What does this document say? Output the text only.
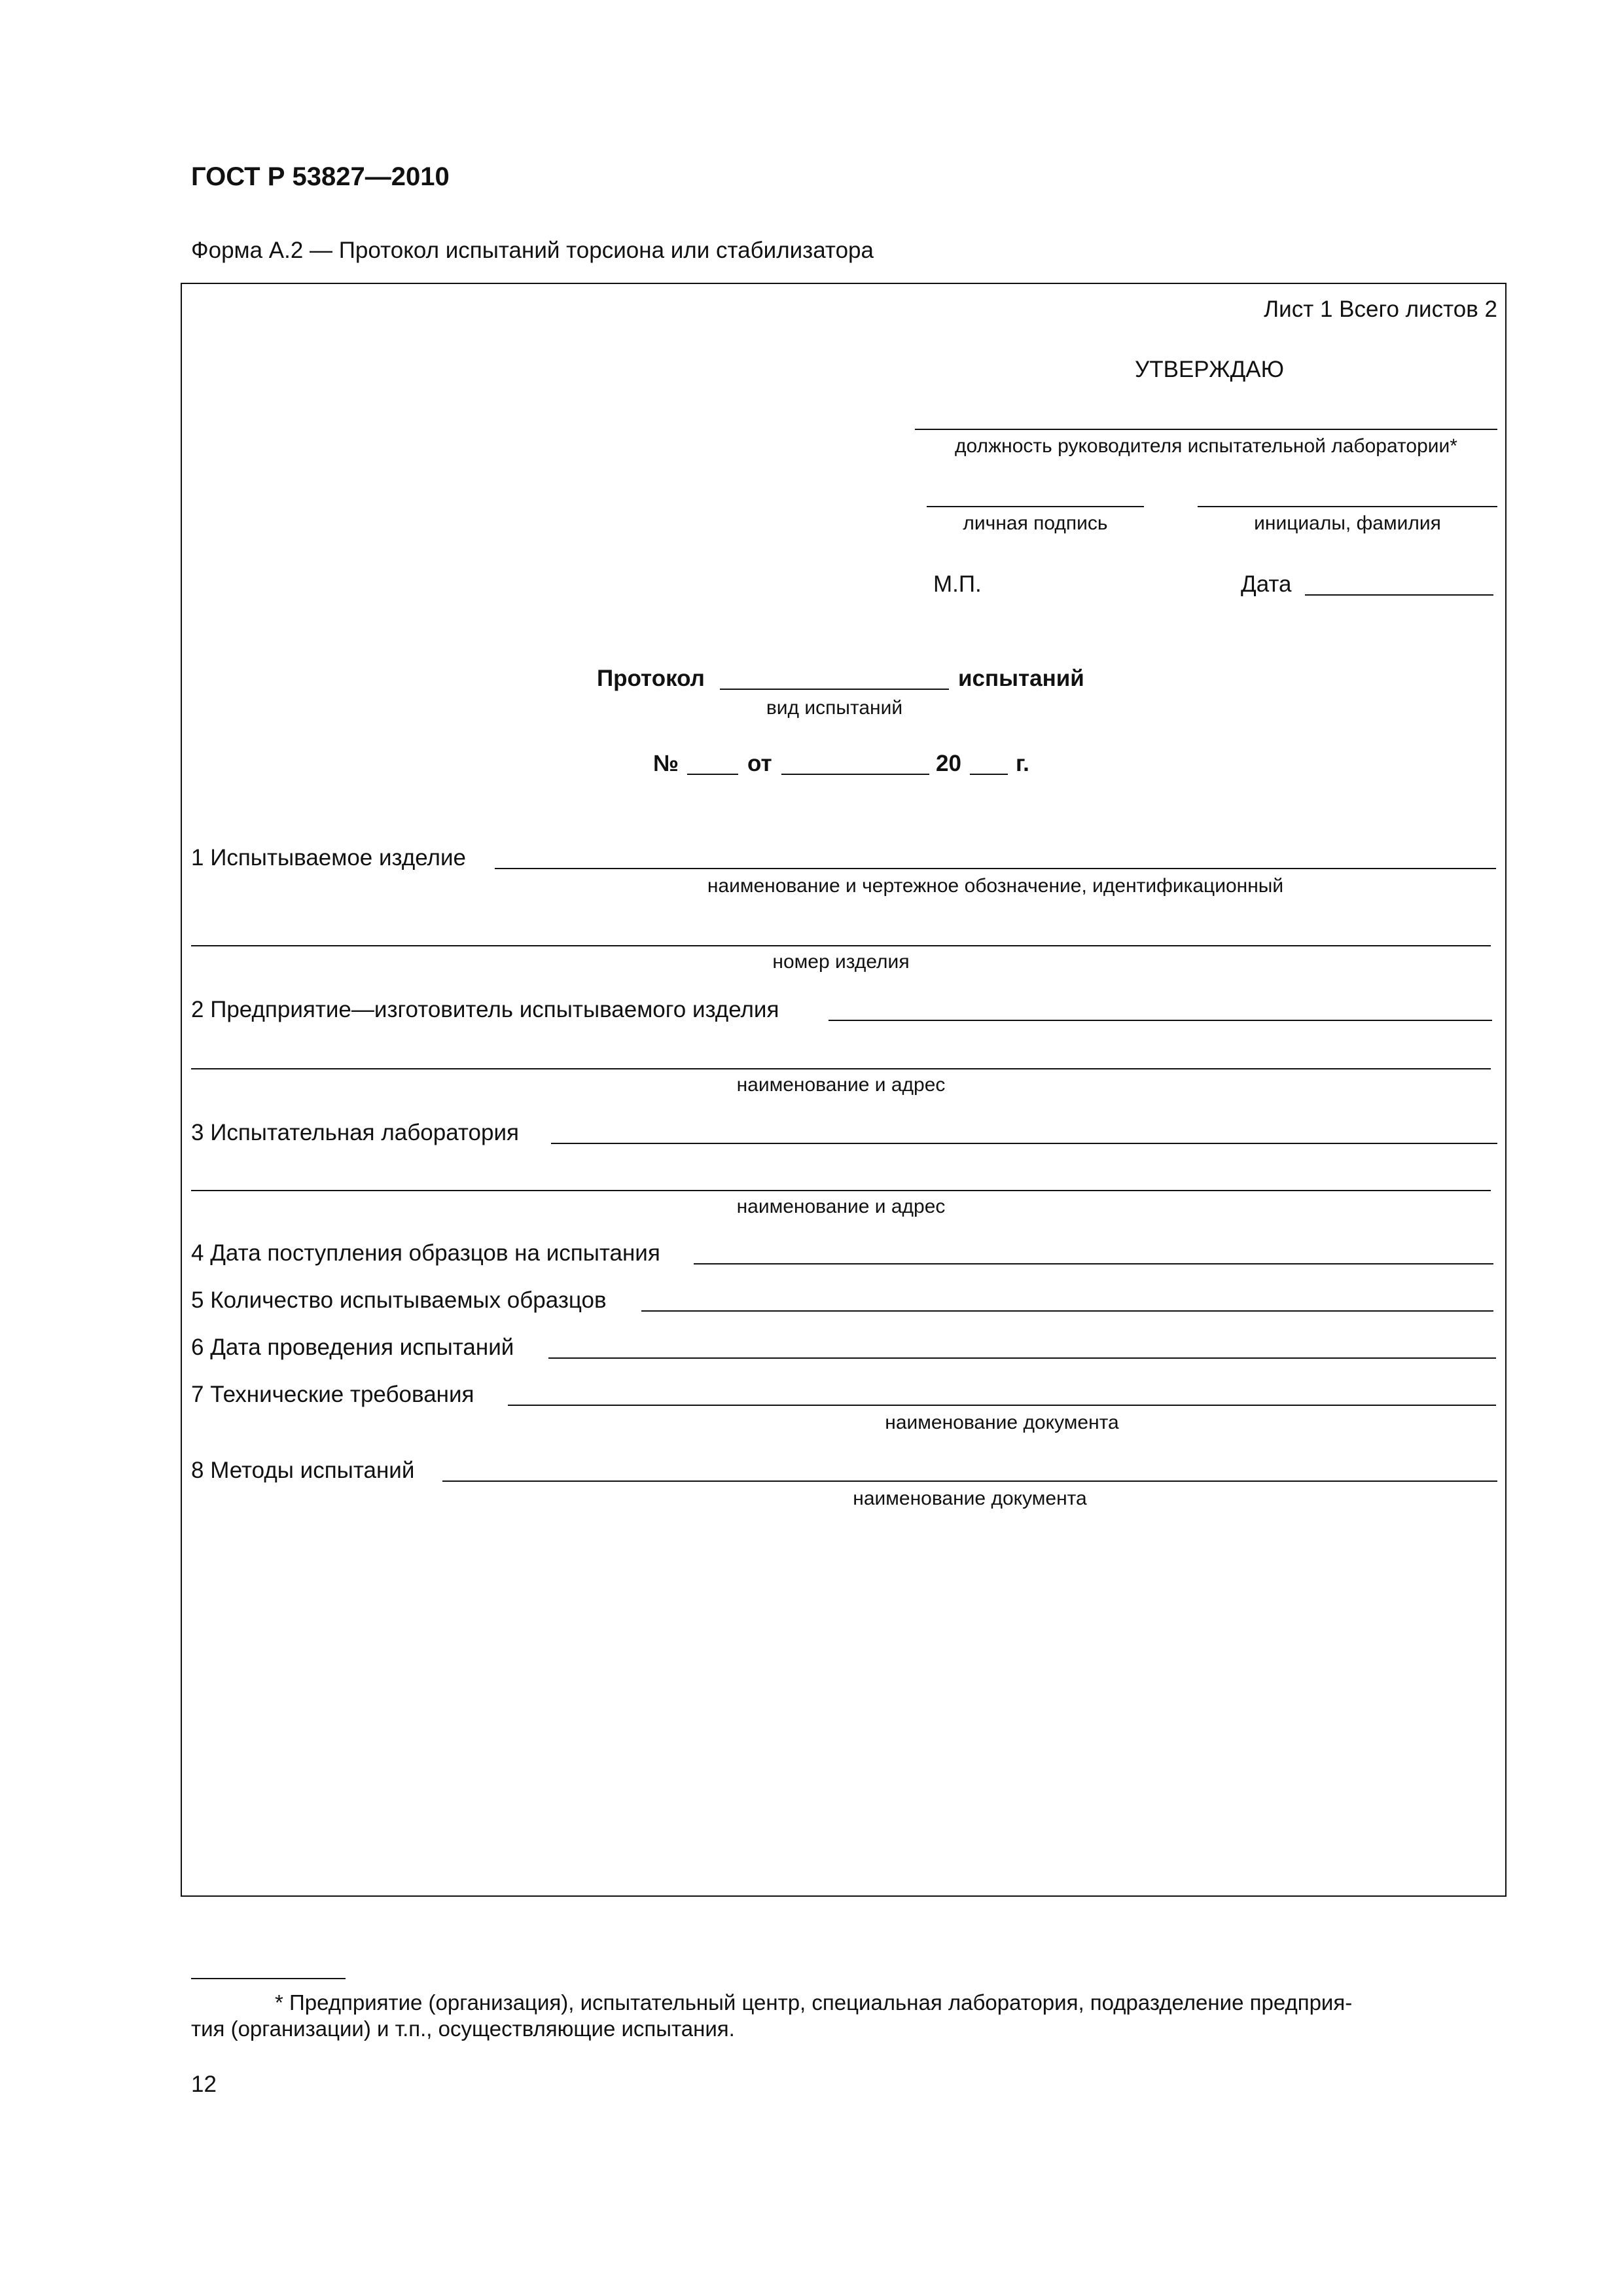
ГОСТ Р 53827—2010
Форма А.2 — Протокол испытаний торсиона или стабилизатора
Лист 1 Всего листов 2
УТВЕРЖДАЮ
должность руководителя испытательной лаборатории*
личная подпись	инициалы, фамилия
М.П.	Дата
Протокол	испытаний
вид испытаний
№	от	20 г.
1 Испытываемое изделие
наименование и чертежное обозначение, идентификационный
номер изделия
2 Предприятие—изготовитель испытываемого изделия
наименование и адрес
3 Испытательная лаборатория
наименование и адрес
4 Дата поступления образцов на испытания
5 Количество испытываемых образцов
6 Дата проведения испытаний
7 Технические требования
наименование документа
8 Методы испытаний
наименование документа
* Предприятие (организация), испытательный центр, специальная лаборатория, подразделение предприя-
тия (организации) и т.п., осуществляющие испытания.
12
